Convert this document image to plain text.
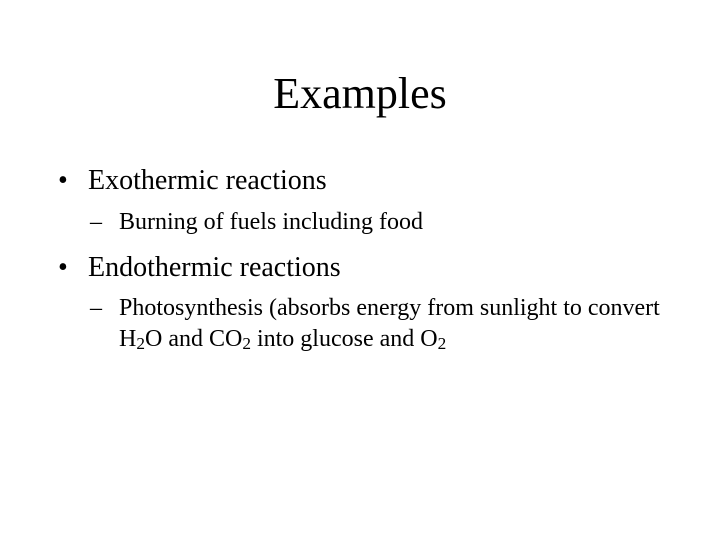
Examples
• Exothermic reactions
– Burning of fuels including food
• Endothermic reactions
– Photosynthesis (absorbs energy from sunlight to convert $H_2O$ and $CO_2$ into glucose and $O_2$
